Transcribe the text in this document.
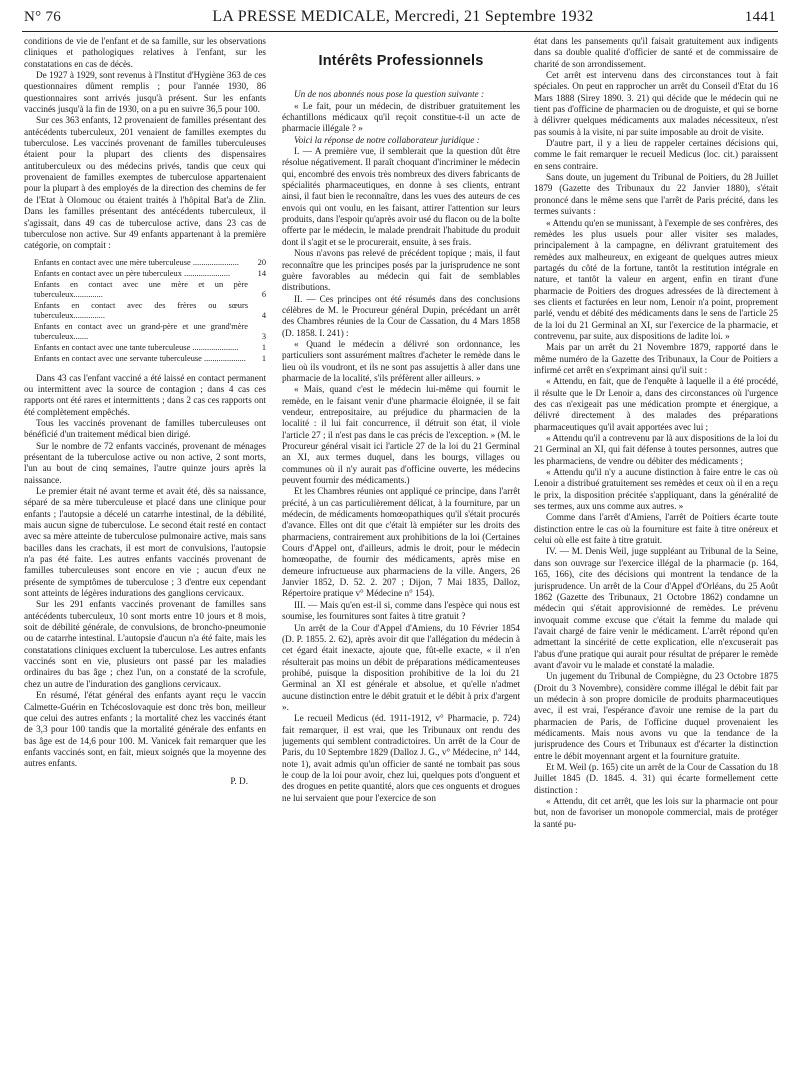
N° 76	LA PRESSE MEDICALE, Mercredi, 21 Septembre 1932	1441

conditions de vie de l'enfant et de sa famille, sur les observations cliniques et pathologiques relatives à l'enfant, sur les constatations en cas de décès.

De 1927 à 1929, sont revenus à l'Institut d'Hygiène 363 de ces questionnaires dûment remplis ; pour l'année 1930, 86 questionnaires sont arrivés jusqu'à présent. Sur les enfants vaccinés jusqu'à la fin de 1930, on a pu en suivre 36,5 pour 100.

Sur ces 363 enfants, 12 provenaient de familles présentant des antécédents tuberculeux, 201 venaient de familles exemptes du tuberculose. Les vaccinés provenant de familles tuberculeuses étaient pour la plupart des clients des dispensaires antituberculeux ou des médecins privés, tandis que ceux qui provenaient de familles exemptes de tuberculose appartenaient pour la plupart à des employés de la direction des chemins de fer de l'Etat à Olomouc ou étaient traités à l'hôpital Bat'a de Zlin. Dans les familles présentant des antécédents tuberculeux, il s'agissait, dans 49 cas de tuberculose active, dans 23 cas de tuberculose non active. Sur 49 enfants appartenant à la première catégorie, on comptait :

Enfants en contact avec une mère tuberculeuse ......................	20
Enfants en contact avec un père tuberculeux ......................	14
Enfants en contact avec une mère et un père tuberculeux..............	6
Enfants en contact avec des frères ou sœurs tuberculeux...............	4
Enfants en contact avec un grand-père et une grand'mère tuberculeux.......	3
Enfants en contact avec une tante tuberculeuse ......................	1
Enfants en contact avec une servante tuberculeuse ....................	1

Dans 43 cas l'enfant vacciné a été laissé en contact permanent ou intermittent avec la source de contagion ; dans 4 cas ces rapports ont été rares et intermittents ; dans 2 cas ces rapports ont été complètement empêchés.

Tous les vaccinés provenant de familles tuberculeuses ont bénéficié d'un traitement médical bien dirigé.

Sur le nombre de 72 enfants vaccinés, provenant de ménages présentant de la tuberculose active ou non active, 2 sont morts, l'un au bout de cinq semaines, l'autre quinze jours après la naissance.

Le premier était né avant terme et avait été, dès sa naissance, séparé de sa mère tuberculeuse et placé dans une clinique pour enfants ; l'autopsie a décelé un catarrhe intestinal, de la débilité, mais aucun signe de tuberculose. Le second était resté en contact avec sa mère atteinte de tuberculose pulmonaire active, mais sans bacilles dans les crachats, il est mort de convulsions, l'autopsie n'a pas été faite. Les autres enfants vaccinés provenant de familles tuberculeuses sont encore en vie ; aucun d'eux ne présente de symptômes de tuberculose ; 3 d'entre eux cependant sont atteints de légères indurations des ganglions cervicaux.

Sur les 291 enfants vaccinés provenant de familles sans antécédents tuberculeux, 10 sont morts entre 10 jours et 8 mois, soit de débilité générale, de convulsions, de broncho-pneumonie ou de catarrhe intestinal. L'autopsie d'aucun n'a été faite, mais les constatations cliniques excluent la tuberculose. Les autres enfants vaccinés sont en vie, plusieurs ont passé par les maladies ordinaires du bas âge ; chez l'un, on a constaté de la scrofule, chez un autre de l'induration des ganglions cervicaux.

En résumé, l'état général des enfants ayant reçu le vaccin Calmette-Guérin en Tchécoslovaquie est donc très bon, meilleur que celui des autres enfants ; la mortalité chez les vaccinés étant de 3,3 pour 100 tandis que la mortalité générale des enfants en bas âge est de 14,6 pour 100. M. Vanicek fait remarquer que les enfants vaccinés sont, en fait, mieux soignés que la moyenne des autres enfants.

P. D.

Intérêts Professionnels

Un de nos abonnés nous pose la question suivante :

« Le fait, pour un médecin, de distribuer gratuitement les échantillons médicaux qu'il reçoit constitue-t-il un acte de pharmacie illégale ? »

Voici la réponse de notre collaborateur juridique :

I. — A première vue, il semblerait que la question dût être résolue négativement. Il paraît choquant d'incriminer le médecin qui, encombré des envois très nombreux des divers fabricants de spécialités pharmaceutiques, en donne à ses clients, entrant ainsi, il faut bien le reconnaître, dans les vues des auteurs de ces envois qui ont voulu, en les faisant, attirer l'attention sur leurs produits, dans l'espoir qu'après avoir usé du flacon ou de la boîte offerte par le médecin, le malade prendrait l'habitude du produit dont il s'agit et se le procurerait, ensuite, à ses frais.

Nous n'avons pas relevé de précédent topique ; mais, il faut reconnaître que les principes posés par la jurisprudence ne sont guère favorables au médecin qui fait de semblables distributions.

II. — Ces principes ont été résumés dans des conclusions célèbres de M. le Procureur général Dupin, précédant un arrêt des Chambres réunies de la Cour de Cassation, du 4 Mars 1858 (D. 1858. I. 241) :

« Quand le médecin a délivré son ordonnance, les particuliers sont assurément maîtres d'acheter le remède dans le lieu où ils voudront, et ils ne sont pas assujettis à aller dans une pharmacie de la localité, s'ils préfèrent aller ailleurs. »

« Mais, quand c'est le médecin lui-même qui fournit le remède, en le faisant venir d'une pharmacie éloignée, il se fait vendeur, entrepositaire, au préjudice du pharmacien de la localité : il lui fait concurrence, il détruit son état, il viole l'article 27 ; il n'est pas dans le cas précis de l'exception. » (M. le Procureur général visait ici l'article 27 de la loi du 21 Germinal an XI, aux termes duquel, dans les bourgs, villages ou communes où il n'y aurait pas d'officine ouverte, les médecins peuvent fournir des médicaments.)

Et les Chambres réunies ont appliqué ce principe, dans l'arrêt précité, à un cas particulièrement délicat, à la fourniture, par un médecin, de médicaments homœopathiques qu'il s'était procurés d'avance. Elles ont dit que c'était là empiéter sur les droits des pharmaciens, contrairement aux prohibitions de la loi (Certaines Cours d'Appel ont, d'ailleurs, admis le droit, pour le médecin homœopathe, de fournir des médicaments, après mise en demeure infructueuse aux pharmaciens de la ville. Angers, 26 Janvier 1852, D. 52. 2. 207 ; Dijon, 7 Mai 1835, Dalloz, Répertoire pratique v° Médecine n° 154).

III. — Mais qu'en est-il si, comme dans l'espèce qui nous est soumise, les fournitures sont faites à titre gratuit ?

Un arrêt de la Cour d'Appel d'Amiens, du 10 Février 1854 (D. P. 1855. 2. 62), après avoir dit que l'allégation du médecin à cet égard était inexacte, ajoute que, fût-elle exacte, « il n'en résulterait pas moins un débit de préparations médicamenteuses prohibé, puisque la disposition prohibitive de la loi du 21 Germinal an XI est générale et absolue, et qu'elle n'admet aucune distinction entre le débit gratuit et le débit à prix d'argent ».

Le recueil Medicus (éd. 1911-1912, v° Pharmacie, p. 724) fait remarquer, il est vrai, que les Tribunaux ont rendu des jugements qui semblent contradictoires. Un arrêt de la Cour de Paris, du 10 Septembre 1829 (Dalloz J. G., v° Médecine, n° 144, note 1), avait admis qu'un officier de santé ne tombait pas sous le coup de la loi pour avoir, chez lui, quelques pots d'onguent et des drogues en petite quantité, alors que ces onguents et drogues ne lui servaient que pour l'exercice de son

état dans les pansements qu'il faisait gratuitement aux indigents dans sa double qualité d'officier de santé et de commissaire de charité de son arrondissement.

Cet arrêt est intervenu dans des circonstances tout à fait spéciales. On peut en rapprocher un arrêt du Conseil d'Etat du 16 Mars 1888 (Sirey 1890. 3. 21) qui décide que le médecin qui ne tient pas d'officine de pharmacien ou de droguiste, et qui se borne à délivrer quelques médicaments aux malades nécessiteux, n'est pas soumis à la visite, ni par suite imposable au droit de visite.

D'autre part, il y a lieu de rappeler certaines décisions qui, comme le fait remarquer le recueil Medicus (loc. cit.) paraissent en sens contraire.

Sans doute, un jugement du Tribunal de Poitiers, du 28 Juillet 1879 (Gazette des Tribunaux du 22 Janvier 1880), s'était prononcé dans le même sens que l'arrêt de Paris précité, dans les termes suivants :

« Attendu qu'en se munissant, à l'exemple de ses confrères, des remèdes les plus usuels pour aller visiter ses malades, principalement à la campagne, en délivrant gratuitement des remèdes aux malheureux, en exigeant de quelques autres mieux partagés du côté de la fortune, tantôt la restitution intégrale en nature, et tantôt la valeur en argent, enfin en tirant d'une pharmacie de Poitiers des drogues adressées de là directement à ses clients et facturées en leur nom, Lenoir n'a point, proprement parlé, vendu et débité des médicaments dans le sens de l'article 25 de la loi du 21 Germinal an XI, sur l'exercice de la pharmacie, et contrevenu, par suite, aux dispositions de ladite loi. »

Mais par un arrêt du 21 Novembre 1879, rapporté dans le même numéro de la Gazette des Tribunaux, la Cour de Poitiers a infirmé cet arrêt en s'exprimant ainsi qu'il suit :

« Attendu, en fait, que de l'enquête à laquelle il a été procédé, il résulte que le Dr Lenoir a, dans des circonstances où l'urgence des cas n'exigeait pas une médication prompte et énergique, a délivré directement à des malades des préparations pharmaceutiques qu'il avait apportées avec lui ;

« Attendu qu'il a contrevenu par là aux dispositions de la loi du 21 Germinal an XI, qui fait défense à toutes personnes, autres que les pharmaciens, de vendre ou débiter des médicaments ;

« Attendu qu'il n'y a aucune distinction à faire entre le cas où Lenoir a distribué gratuitement ses remèdes et ceux où il en a reçu le prix, la disposition précitée s'appliquant, dans la généralité de ses termes, aux uns comme aux autres. »

Comme dans l'arrêt d'Amiens, l'arrêt de Poitiers écarte toute distinction entre le cas où la fourniture est faite à titre onéreux et celui où elle est faite à titre gratuit.

IV. — M. Denis Weil, juge suppléant au Tribunal de la Seine, dans son ouvrage sur l'exercice illégal de la pharmacie (p. 164, 165, 166), cite des décisions qui montrent la tendance de la jurisprudence. Un arrêt de la Cour d'Appel d'Orléans, du 25 Août 1862 (Gazette des Tribunaux, 21 Octobre 1862) condamne un médecin qui s'était approvisionné de remèdes. Le prévenu invoquait comme excuse que c'était la femme du malade qui l'avait chargé de faire venir le médicament. L'arrêt répond qu'en admettant la sincérité de cette explication, elle n'excuserait pas l'abus d'une pratique qui aurait pour résultat de préparer le remède avant d'avoir vu le malade et constaté la maladie.

Un jugement du Tribunal de Compiègne, du 23 Octobre 1875 (Droit du 3 Novembre), considère comme illégal le débit fait par un médecin à son propre domicile de produits pharmaceutiques avec, il est vrai, l'espérance d'avoir une remise de la part du pharmacien de Paris, de l'officine duquel provenaient les médicaments. Mais nous avons vu que la tendance de la jurisprudence des Cours et Tribunaux est d'écarter la distinction entre le débit moyennant argent et la fourniture gratuite.

Et M. Weil (p. 165) cite un arrêt de la Cour de Cassation du 18 Juillet 1845 (D. 1845. 4. 31) qui écarte formellement cette distinction :

« Attendu, dit cet arrêt, que les lois sur la pharmacie ont pour but, non de favoriser un monopole commercial, mais de protéger la santé pu-
